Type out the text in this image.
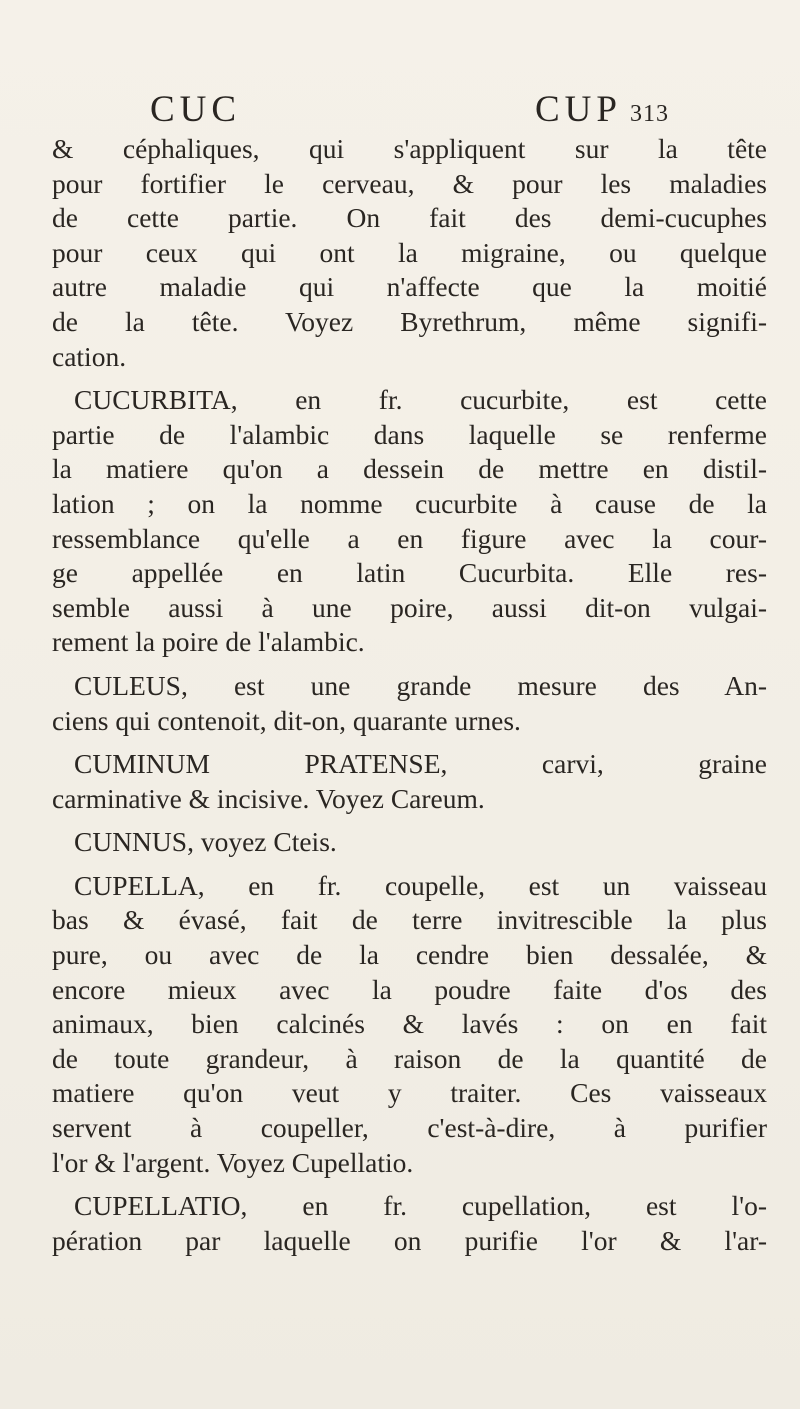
CUC	CUP 313
& céphaliques, qui s'appliquent sur la tête
pour fortifier le cerveau, & pour les maladies
de cette partie. On fait des demi-cucuphes
pour ceux qui ont la migraine, ou quelque
autre maladie qui n'affecte que la moitié
de la tête. Voyez Byrethrum, même signifi-
cation.
CUCURBITA, en fr. cucurbite, est cette
partie de l'alambic dans laquelle se renferme
la matiere qu'on a dessein de mettre en distil-
lation ; on la nomme cucurbite à cause de la
ressemblance qu'elle a en figure avec la cour-
ge appellée en latin Cucurbita. Elle res-
semble aussi à une poire, aussi dit-on vulgai-
rement la poire de l'alambic.
CULEUS, est une grande mesure des An-
ciens qui contenoit, dit-on, quarante urnes.
CUMINUM PRATENSE, carvi, graine
carminative & incisive. Voyez Careum.
CUNNUS, voyez Cteis.
CUPELLA, en fr. coupelle, est un vaisseau
bas & évasé, fait de terre invitrescible la plus
pure, ou avec de la cendre bien dessalée, &
encore mieux avec la poudre faite d'os des
animaux, bien calcinés & lavés : on en fait
de toute grandeur, à raison de la quantité de
matiere qu'on veut y traiter. Ces vaisseaux
servent à coupeller, c'est-à-dire, à purifier
l'or & l'argent. Voyez Cupellatio.
CUPELLATIO, en fr. cupellation, est l'o-
pération par laquelle on purifie l'or & l'ar-
